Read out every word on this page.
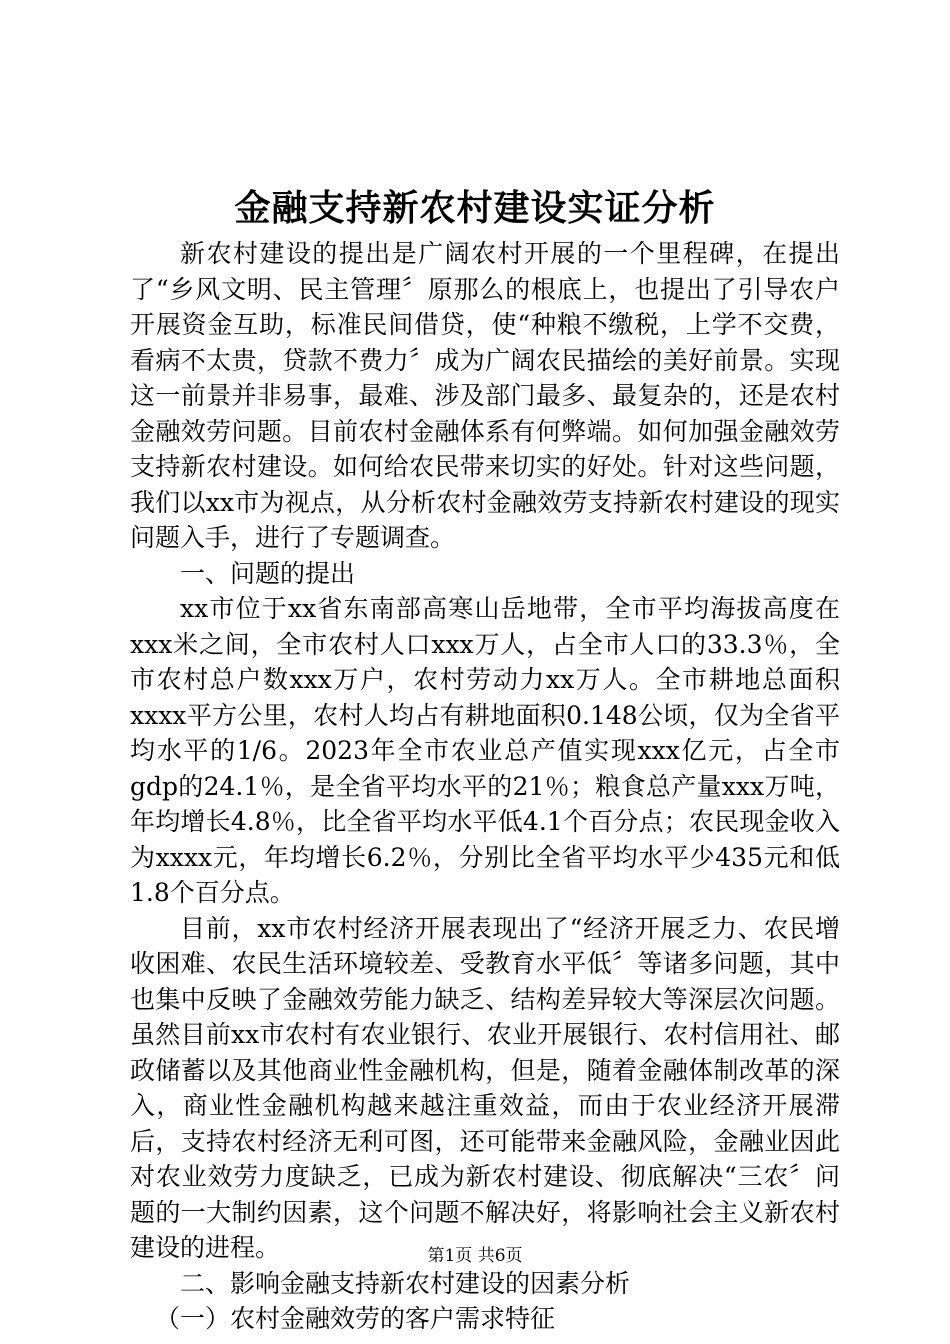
金融支持新农村建设实证分析

新农村建设的提出是广阔农村开展的一个里程碑，在提出了“乡风文明、民主管理〞原那么的根底上，也提出了引导农户开展资金互助，标准民间借贷，使“种粮不缴税，上学不交费，看病不太贵，贷款不费力〞成为广阔农民描绘的美好前景。实现这一前景并非易事，最难、涉及部门最多、最复杂的，还是农村金融效劳问题。目前农村金融体系有何弊端。如何加强金融效劳支持新农村建设。如何给农民带来切实的好处。针对这些问题，我们以xx市为视点，从分析农村金融效劳支持新农村建设的现实问题入手，进行了专题调查。

一、问题的提出

xx市位于xx省东南部高寒山岳地带，全市平均海拔高度在xxx米之间，全市农村人口xxx万人，占全市人口的33.3％，全市农村总户数xxx万户，农村劳动力xx万人。全市耕地总面积xxxx平方公里，农村人均占有耕地面积0.148公顷，仅为全省平均水平的1/6。2023年全市农业总产值实现xxx亿元，占全市gdp的24.1％，是全省平均水平的21％；粮食总产量xxx万吨，年均增长4.8％，比全省平均水平低4.1个百分点；农民现金收入为xxxx元，年均增长6.2％，分别比全省平均水平少435元和低1.8个百分点。

目前，xx市农村经济开展表现出了“经济开展乏力、农民增收困难、农民生活环境较差、受教育水平低〞等诸多问题，其中也集中反映了金融效劳能力缺乏、结构差异较大等深层次问题。虽然目前xx市农村有农业银行、农业开展银行、农村信用社、邮政储蓄以及其他商业性金融机构，但是，随着金融体制改革的深入，商业性金融机构越来越注重效益，而由于农业经济开展滞后，支持农村经济无利可图，还可能带来金融风险，金融业因此对农业效劳力度缺乏，已成为新农村建设、彻底解决“三农〞问题的一大制约因素，这个问题不解决好，将影响社会主义新农村建设的进程。

二、影响金融支持新农村建设的因素分析

（一）农村金融效劳的客户需求特征

第1页 共6页
